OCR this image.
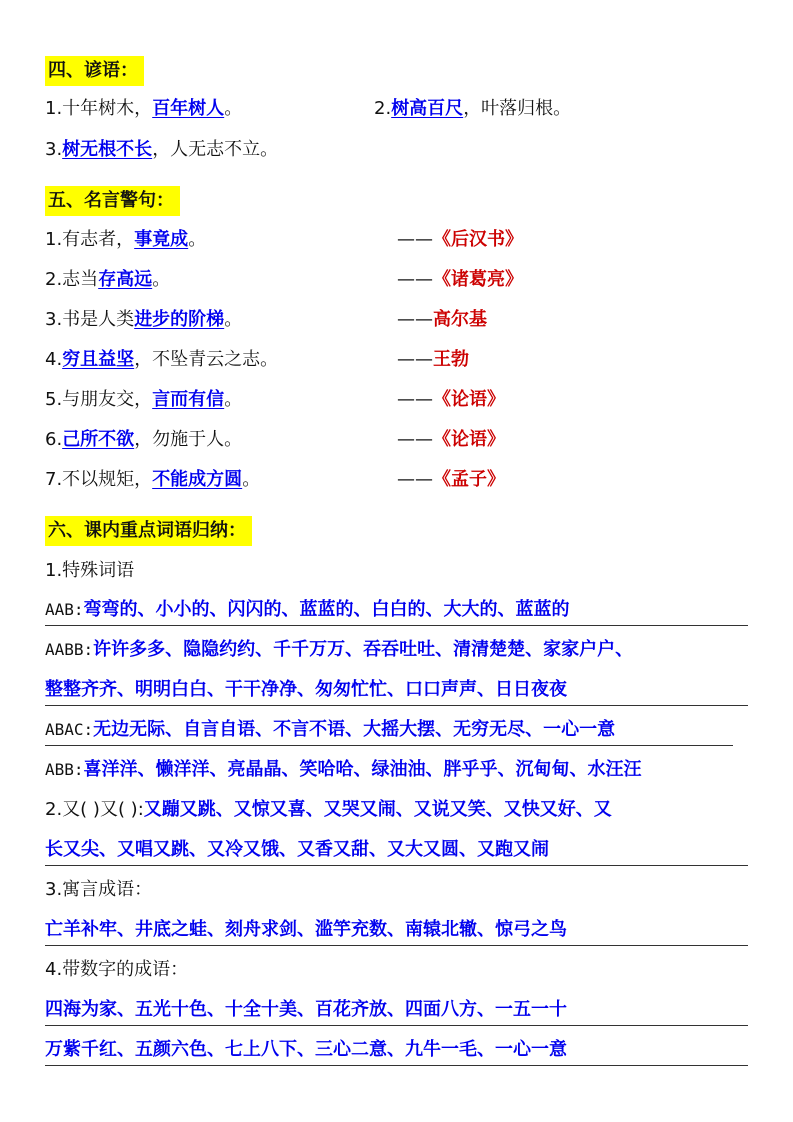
四、谚语：
1.十年树木，百年树人。	2.树高百尺，叶落归根。
3.树无根不长，人无志不立。
五、名言警句：
1.有志者，事竟成。	——《后汉书》
2.志当存高远。	——《诸葛亮》
3.书是人类进步的阶梯。	——高尔基
4.穷且益坚，不坠青云之志。	——王勃
5.与朋友交，言而有信。	——《论语》
6.己所不欲，勿施于人。	——《论语》
7.不以规矩，不能成方圆。	——《孟子》
六、课内重点词语归纳：
1.特殊词语
AAB:弯弯的、小小的、闪闪的、蓝蓝的、白白的、大大的、蓝蓝的
AABB:许许多多、隐隐约约、千千万万、吞吞吐吐、清清楚楚、家家户户、
整整齐齐、明明白白、干干净净、匆匆忙忙、口口声声、日日夜夜
ABAC:无边无际、自言自语、不言不语、大摇大摆、无穷无尽、一心一意
ABB:喜洋洋、懒洋洋、亮晶晶、笑哈哈、绿油油、胖乎乎、沉甸甸、水汪汪
2.又( )又( ):又蹦又跳、又惊又喜、又哭又闹、又说又笑、又快又好、又
长又尖、又唱又跳、又冷又饿、又香又甜、又大又圆、又跑又闹
3.寓言成语：
亡羊补牢、井底之蛙、刻舟求剑、滥竽充数、南辕北辙、惊弓之鸟
4.带数字的成语：
四海为家、五光十色、十全十美、百花齐放、四面八方、一五一十
万紫千红、五颜六色、七上八下、三心二意、九牛一毛、一心一意
